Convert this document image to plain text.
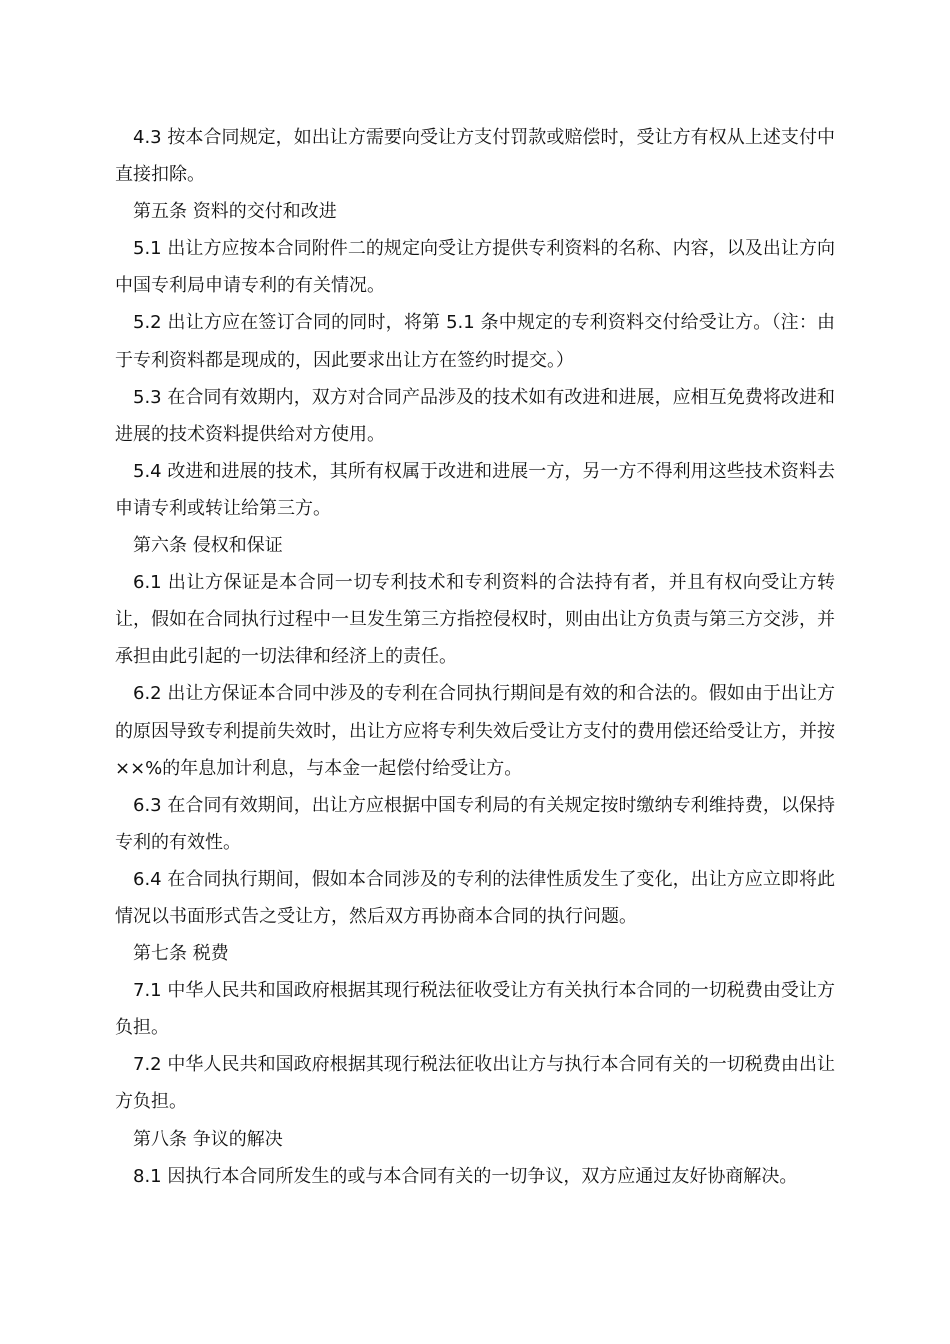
4.3 按本合同规定，如出让方需要向受让方支付罚款或赔偿时，受让方有权从上述支付中直接扣除。

第五条 资料的交付和改进

5.1 出让方应按本合同附件二的规定向受让方提供专利资料的名称、内容，以及出让方向中国专利局申请专利的有关情况。

5.2 出让方应在签订合同的同时，将第 5.1 条中规定的专利资料交付给受让方。（注：由于专利资料都是现成的，因此要求出让方在签约时提交。）

5.3 在合同有效期内，双方对合同产品涉及的技术如有改进和进展，应相互免费将改进和进展的技术资料提供给对方使用。

5.4 改进和进展的技术，其所有权属于改进和进展一方，另一方不得利用这些技术资料去申请专利或转让给第三方。

第六条 侵权和保证

6.1 出让方保证是本合同一切专利技术和专利资料的合法持有者，并且有权向受让方转让，假如在合同执行过程中一旦发生第三方指控侵权时，则由出让方负责与第三方交涉，并承担由此引起的一切法律和经济上的责任。

6.2 出让方保证本合同中涉及的专利在合同执行期间是有效的和合法的。假如由于出让方的原因导致专利提前失效时，出让方应将专利失效后受让方支付的费用偿还给受让方，并按××%的年息加计利息，与本金一起偿付给受让方。

6.3 在合同有效期间，出让方应根据中国专利局的有关规定按时缴纳专利维持费，以保持专利的有效性。

6.4 在合同执行期间，假如本合同涉及的专利的法律性质发生了变化，出让方应立即将此情况以书面形式告之受让方，然后双方再协商本合同的执行问题。

第七条 税费

7.1 中华人民共和国政府根据其现行税法征收受让方有关执行本合同的一切税费由受让方负担。

7.2 中华人民共和国政府根据其现行税法征收出让方与执行本合同有关的一切税费由出让方负担。

第八条 争议的解决

8.1 因执行本合同所发生的或与本合同有关的一切争议，双方应通过友好协商解决。
